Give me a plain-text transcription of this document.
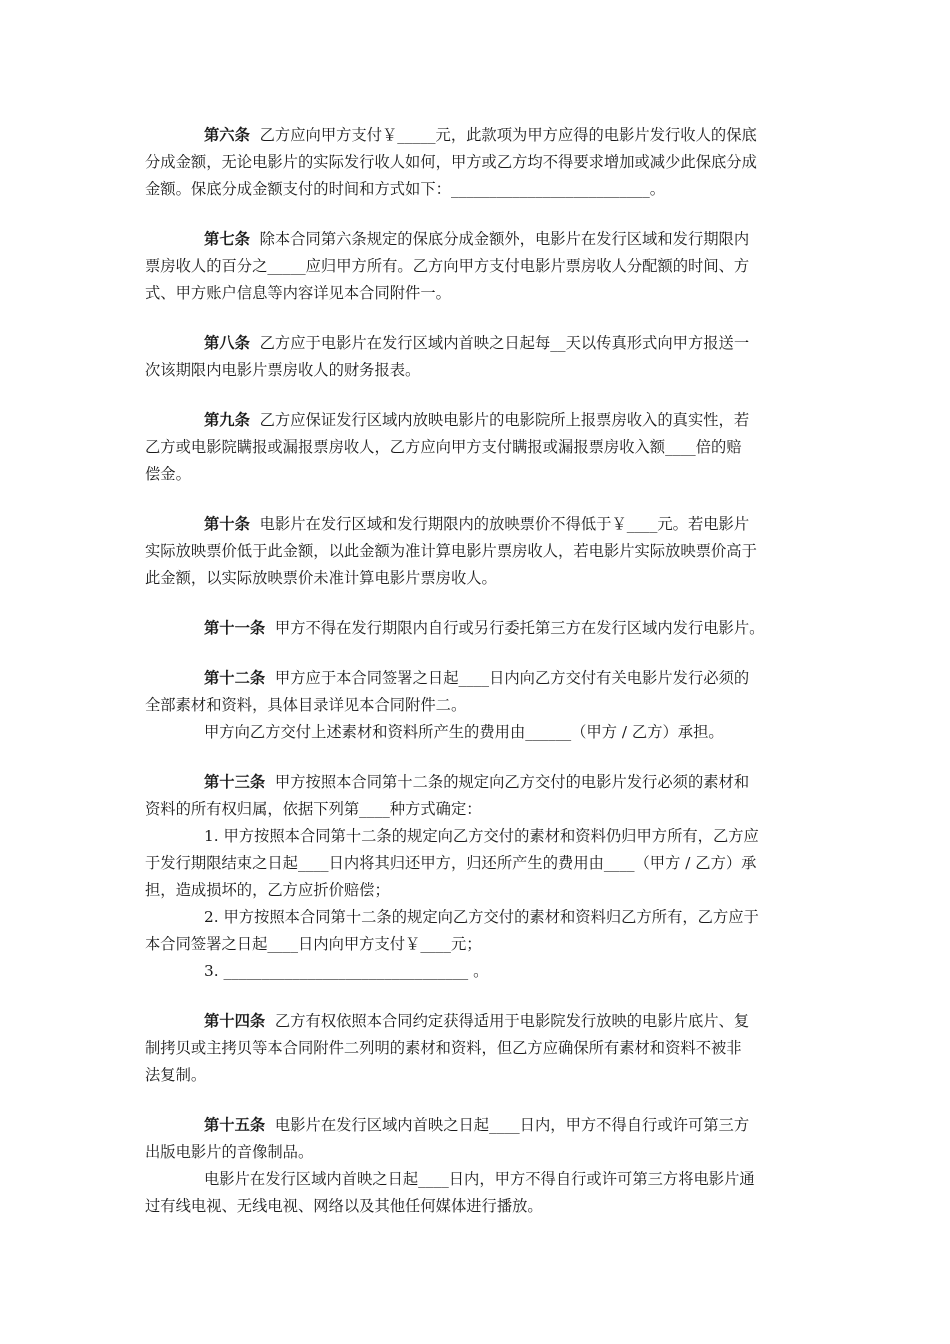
第六条  乙方应向甲方支付￥_____元，此款项为甲方应得的电影片发行收人的保底
分成金额，无论电影片的实际发行收人如何，甲方或乙方均不得要求增加或减少此保底分成
金额。保底分成金额支付的时间和方式如下：__________________________。
第七条  除本合同第六条规定的保底分成金额外，电影片在发行区域和发行期限内
票房收人的百分之_____应归甲方所有。乙方向甲方支付电影片票房收人分配额的时间、方
式、甲方账户信息等内容详见本合同附件一。
第八条  乙方应于电影片在发行区域内首映之日起每__天以传真形式向甲方报送一
次该期限内电影片票房收人的财务报表。
第九条  乙方应保证发行区域内放映电影片的电影院所上报票房收入的真实性，若
乙方或电影院瞒报或漏报票房收人，乙方应向甲方支付瞒报或漏报票房收入额____倍的赔
偿金。
第十条  电影片在发行区域和发行期限内的放映票价不得低于￥____元。若电影片
实际放映票价低于此金额，以此金额为准计算电影片票房收人，若电影片实际放映票价高于
此金额，以实际放映票价未准计算电影片票房收人。
第十一条  甲方不得在发行期限内自行或另行委托第三方在发行区域内发行电影片。
第十二条  甲方应于本合同签署之日起____日内向乙方交付有关电影片发行必须的
全部素材和资料，具体目录详见本合同附件二。
甲方向乙方交付上述素材和资料所产生的费用由______（甲方 / 乙方）承担。
第十三条  甲方按照本合同第十二条的规定向乙方交付的电影片发行必须的素材和
资料的所有权归属，依据下列第____种方式确定：
1. 甲方按照本合同第十二条的规定向乙方交付的素材和资料仍归甲方所有，乙方应
于发行期限结束之日起____日内将其归还甲方，归还所产生的费用由____（甲方 / 乙方）承
担，造成损坏的，乙方应折价赔偿；
2. 甲方按照本合同第十二条的规定向乙方交付的素材和资料归乙方所有，乙方应于
本合同签署之日起____日内向甲方支付￥____元；
3. ________________________________ 。
第十四条  乙方有权依照本合同约定获得适用于电影院发行放映的电影片底片、复
制拷贝或主拷贝等本合同附件二列明的素材和资料，但乙方应确保所有素材和资料不被非
法复制。
第十五条  电影片在发行区域内首映之日起____日内，甲方不得自行或许可第三方
出版电影片的音像制品。
电影片在发行区域内首映之日起____日内，甲方不得自行或许可第三方将电影片通
过有线电视、无线电视、网络以及其他任何媒体进行播放。
